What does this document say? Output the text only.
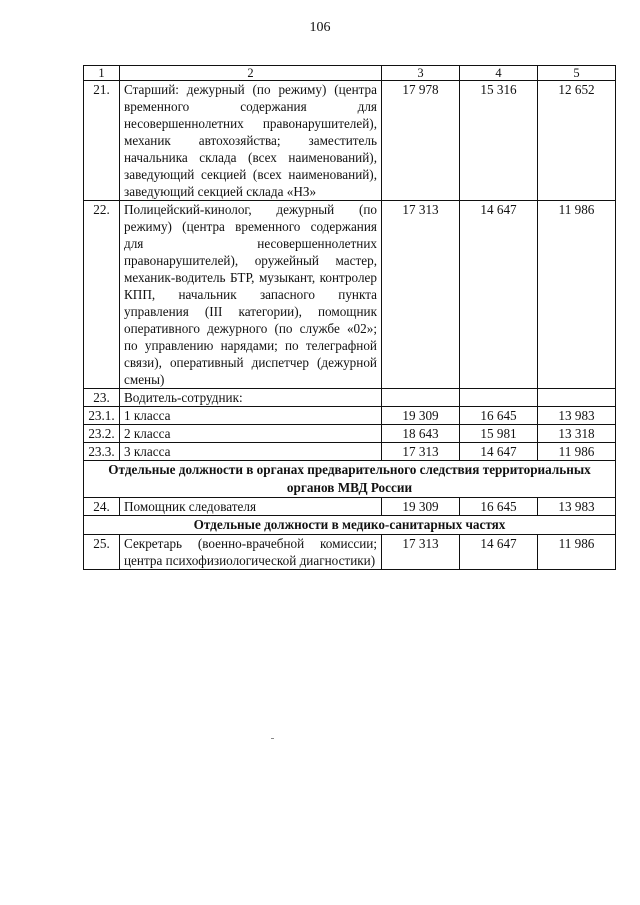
106
1	2	3	4	5
21.	Старший: дежурный (по режиму) (центра временного содержания для несовершеннолетних правонарушителей), механик автохозяйства; заместитель начальника склада (всех наименований), заведующий секцией (всех наименований), заведующий секцией склада «НЗ»	17 978	15 316	12 652
22.	Полицейский-кинолог, дежурный (по режиму) (центра временного содержания для несовершеннолетних правонарушителей), оружейный мастер, механик-водитель БТР, музыкант, контролер КПП, начальник запасного пункта управления (III категории), помощник оперативного дежурного (по службе «02»; по управлению нарядами; по телеграфной связи), оперативный диспетчер (дежурной смены)	17 313	14 647	11 986
23.	Водитель-сотрудник:			
23.1.	1 класса	19 309	16 645	13 983
23.2.	2 класса	18 643	15 981	13 318
23.3.	3 класса	17 313	14 647	11 986
Отдельные должности в органах предварительного следствия территориальных органов МВД России				
24.	Помощник следователя	19 309	16 645	13 983
Отдельные должности в медико-санитарных частях				
25.	Секретарь (военно-врачебной комиссии; центра психофизиологической диагностики)	17 313	14 647	11 986
